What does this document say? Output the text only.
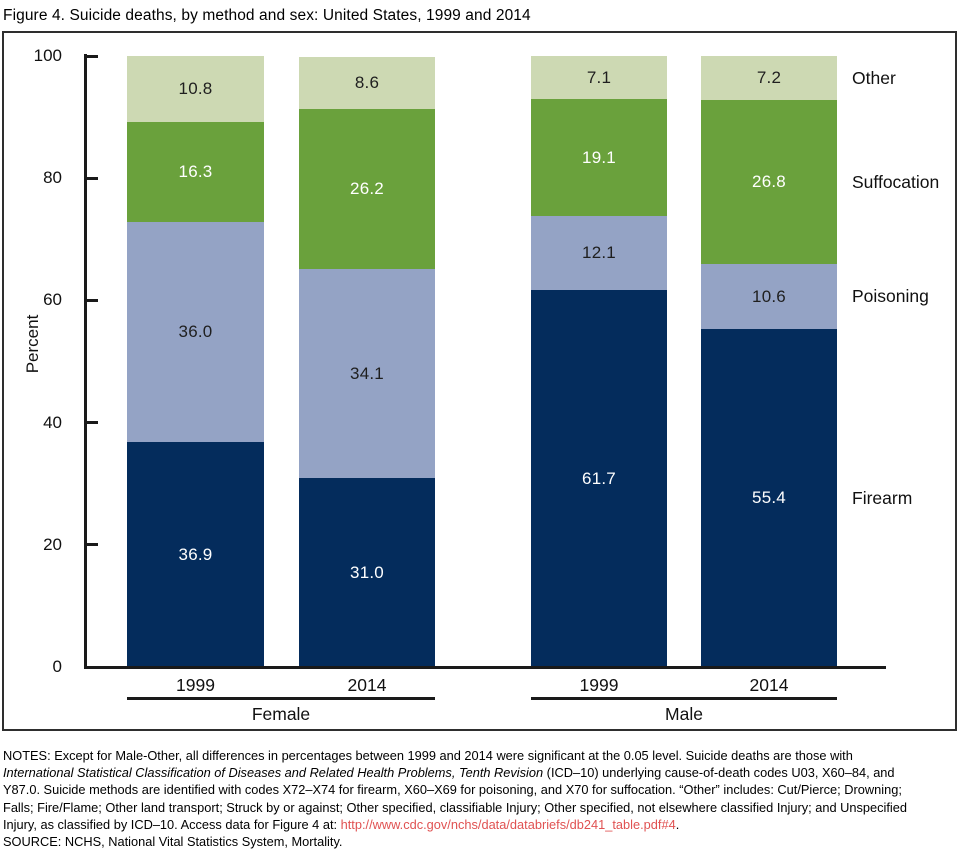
Figure 4. Suicide deaths, by method and sex: United States, 1999 and 2014
Percent
0
20
40
60
80
100
36.9
36.0
16.3
10.8
31.0
34.1
26.2
8.6
61.7
12.1
19.1
7.1
55.4
10.6
26.8
7.2
1999	2014	1999	2014
Female	Male
Other
Suffocation
Poisoning
Firearm
NOTES: Except for Male-Other, all differences in percentages between 1999 and 2014 were significant at the 0.05 level. Suicide deaths are those with
International Statistical Classification of Diseases and Related Health Problems, Tenth Revision (ICD–10) underlying cause-of-death codes U03, X60–84, and
Y87.0. Suicide methods are identified with codes X72–X74 for firearm, X60–X69 for poisoning, and X70 for suffocation. “Other” includes: Cut/Pierce; Drowning;
Falls; Fire/Flame; Other land transport; Struck by or against; Other specified, classifiable Injury; Other specified, not elsewhere classified Injury; and Unspecified
Injury, as classified by ICD–10. Access data for Figure 4 at: http://www.cdc.gov/nchs/data/databriefs/db241_table.pdf#4.
SOURCE: NCHS, National Vital Statistics System, Mortality.
